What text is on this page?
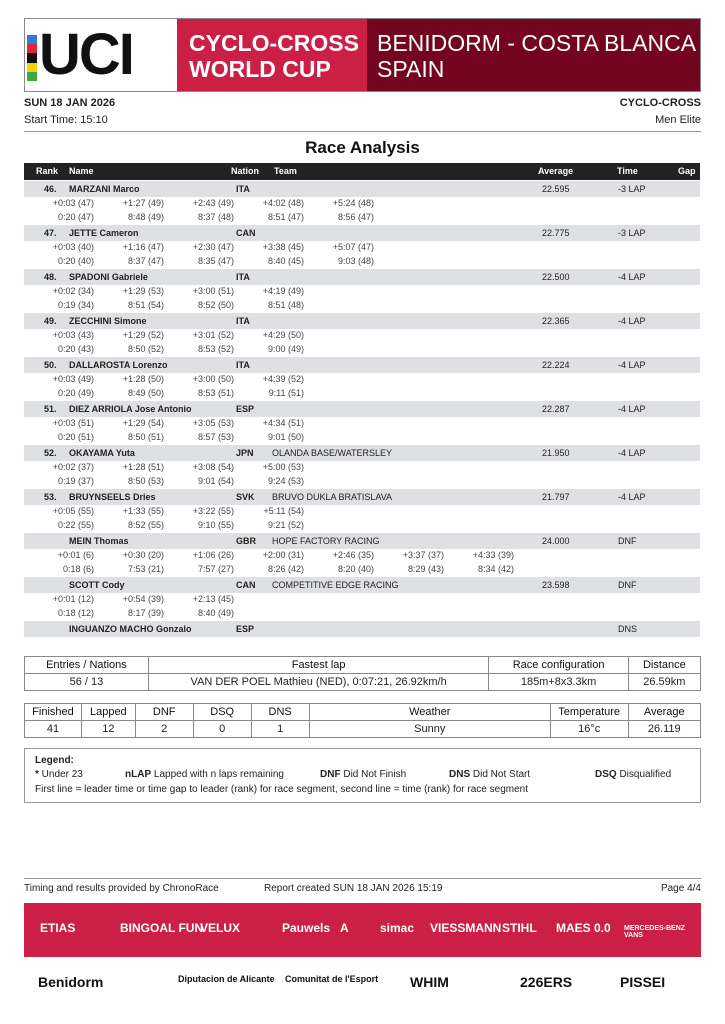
UCI CYCLO-CROSS
WORLD CUP
BENIDORM - COSTA BLANCA
SPAIN
SUN 18 JAN 2026	CYCLO-CROSS
Start Time: 15:10	Men Elite
Race Analysis
Rank Name	Nation Team	Average	Time	Gap
46. MARZANI Marco	ITA	22.595	-3 LAP
+0:03 (47)	+1:27 (49)	+2:43 (49)	+4:02 (48)	+5:24 (48)
0:20 (47)	8:48 (49)	8:37 (48)	8:51 (47)	8:56 (47)
47. JETTE Cameron	CAN	22.775	-3 LAP
+0:03 (40)	+1:16 (47)	+2:30 (47)	+3:38 (45)	+5:07 (47)
0:20 (40)	8:37 (47)	8:35 (47)	8:40 (45)	9:03 (48)
48. SPADONI Gabriele	ITA	22.500	-4 LAP
+0:02 (34)	+1:29 (53)	+3:00 (51)	+4:19 (49)
0:19 (34)	8:51 (54)	8:52 (50)	8:51 (48)
49. ZECCHINI Simone	ITA	22.365	-4 LAP
+0:03 (43)	+1:29 (52)	+3:01 (52)	+4:29 (50)
0:20 (43)	8:50 (52)	8:53 (52)	9:00 (49)
50. DALLAROSTA Lorenzo	ITA	22.224	-4 LAP
+0:03 (49)	+1:28 (50)	+3:00 (50)	+4:39 (52)
0:20 (49)	8:49 (50)	8:53 (51)	9:11 (51)
51. DIEZ ARRIOLA Jose Antonio	ESP	22.287	-4 LAP
+0:03 (51)	+1:29 (54)	+3:05 (53)	+4:34 (51)
0:20 (51)	8:50 (51)	8:57 (53)	9:01 (50)
52. OKAYAMA Yuta	JPN OLANDA BASE/WATERSLEY	21.950	-4 LAP
+0:02 (37)	+1:28 (51)	+3:08 (54)	+5:00 (53)
0:19 (37)	8:50 (53)	9:01 (54)	9:24 (53)
53. BRUYNSEELS Dries	SVK BRUVO DUKLA BRATISLAVA	21.797	-4 LAP
+0:05 (55)	+1:33 (55)	+3:22 (55)	+5:11 (54)
0:22 (55)	8:52 (55)	9:10 (55)	9:21 (52)
MEIN Thomas	GBR HOPE FACTORY RACING	24.000	DNF
+0:01 (6)	+0:30 (20)	+1:06 (26)	+2:00 (31)	+2:46 (35)	+3:37 (37)	+4:33 (39)
0:18 (6)	7:53 (21)	7:57 (27)	8:26 (42)	8:20 (40)	8:29 (43)	8:34 (42)
SCOTT Cody	CAN COMPETITIVE EDGE RACING	23.598	DNF
+0:01 (12)	+0:54 (39)	+2:13 (45)
0:18 (12)	8:17 (39)	8:40 (49)
INGUANZO MACHO Gonzalo	ESP	DNS
Entries / Nations	Fastest lap	Race configuration	Distance
56 / 13	VAN DER POEL Mathieu (NED), 0:07:21, 26.92km/h	185m+8x3.3km	26.59km
Finished	Lapped	DNF	DSQ	DNS	Weather	Temperature	Average
41	12	2	0	1	Sunny	16°c	26.119
Legend:
* Under 23	nLAP Lapped with n laps remaining	DNF Did Not Finish	DNS Did Not Start	DSQ Disqualified
First line = leader time or time gap to leader (rank) for race segment, second line = time (rank) for race segment
Timing and results provided by ChronoRace	Report created SUN 18 JAN 2026 15:19	Page 4/4
ETIAS	BINGOAL FUN
VELUX	Pauwels A	simac VIESSMANN STIHL MAES 0.0 MERCEDES-BENZ VANS
Benidorm	Diputacion de Alicante Comunitat de l'Esport WHIM	226ERS	PISSEI
